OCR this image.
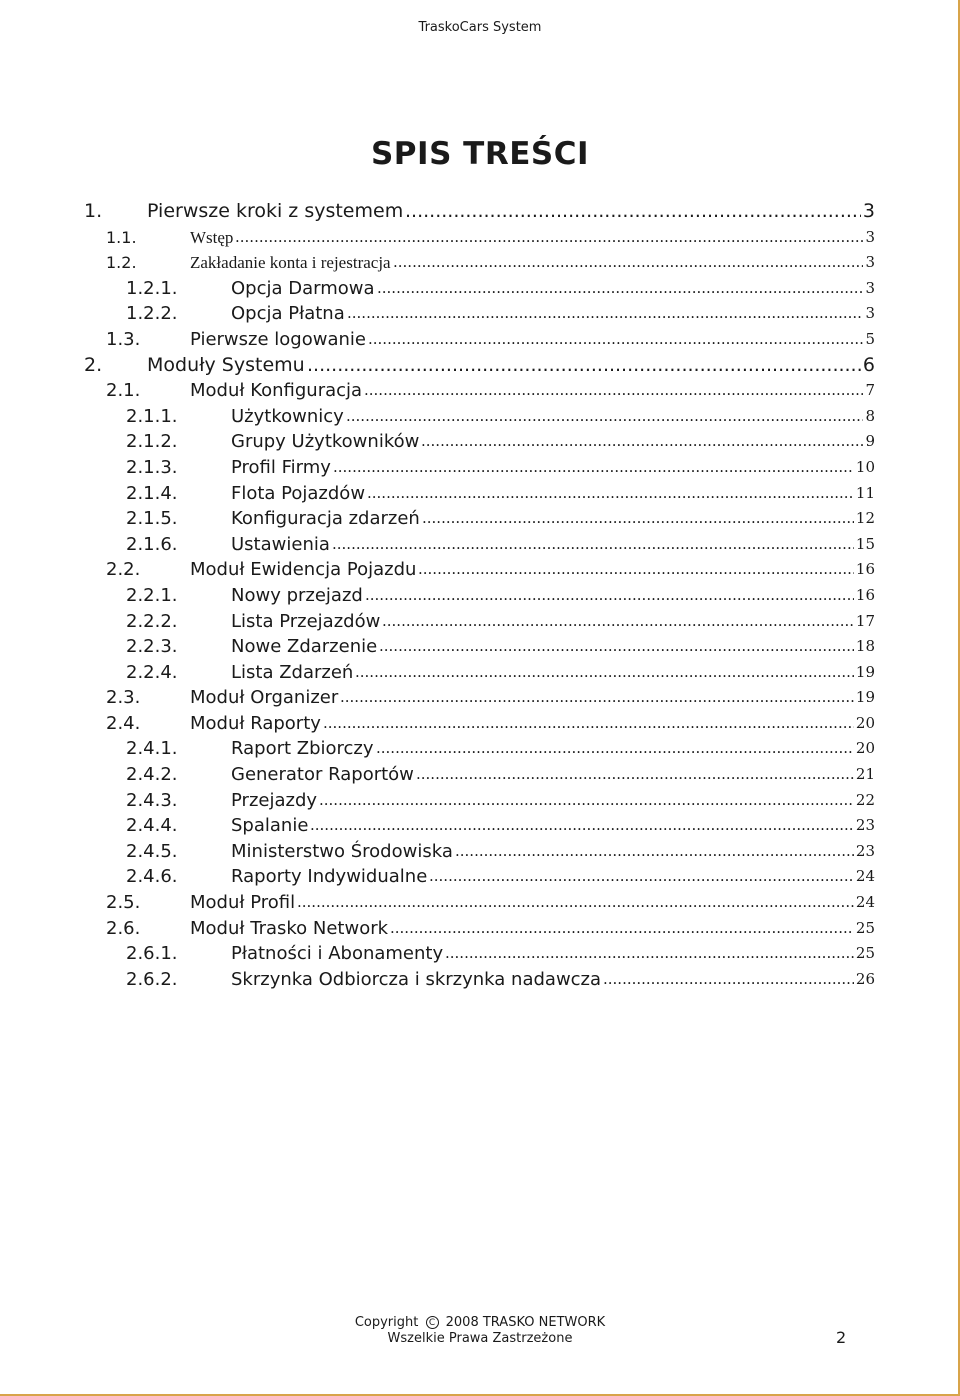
TraskoCars System
SPIS TREŚCI
1. Pierwsze kroki z systemem .....	3
1.1.	Wstęp .....	3
1.2.	Zakładanie konta i rejestracja .....	3
1.2.1.	Opcja Darmowa .....	3
1.2.2.	Opcja Płatna .....	3
1.3.	Pierwsze logowanie .....	5
2. Moduły Systemu .....	6
2.1.	Moduł Konfiguracja .....	7
2.1.1.	Użytkownicy .....	8
2.1.2.	Grupy Użytkowników .....	9
2.1.3.	Profil Firmy .....	10
2.1.4.	Flota Pojazdów .....	11
2.1.5.	Konfiguracja zdarzeń .....	12
2.1.6.	Ustawienia .....	15
2.2.	Moduł Ewidencja Pojazdu .....	16
2.2.1.	Nowy przejazd .....	16
2.2.2.	Lista Przejazdów .....	17
2.2.3.	Nowe Zdarzenie .....	18
2.2.4.	Lista Zdarzeń .....	19
2.3.	Moduł Organizer .....	19
2.4.	Moduł Raporty .....	20
2.4.1.	Raport Zbiorczy .....	20
2.4.2.	Generator Raportów .....	21
2.4.3.	Przejazdy .....	22
2.4.4.	Spalanie .....	23
2.4.5.	Ministerstwo Środowiska .....	23
2.4.6.	Raporty Indywidualne .....	24
2.5.	Moduł Profil .....	24
2.6.	Moduł Trasko Network .....	25
2.6.1.	Płatności i Abonamenty .....	25
2.6.2.	Skrzynka Odbiorcza i skrzynka nadawcza .....	26
Copyright C 2008 TRASKO NETWORK
Wszelkie Prawa Zastrzeżone	2
